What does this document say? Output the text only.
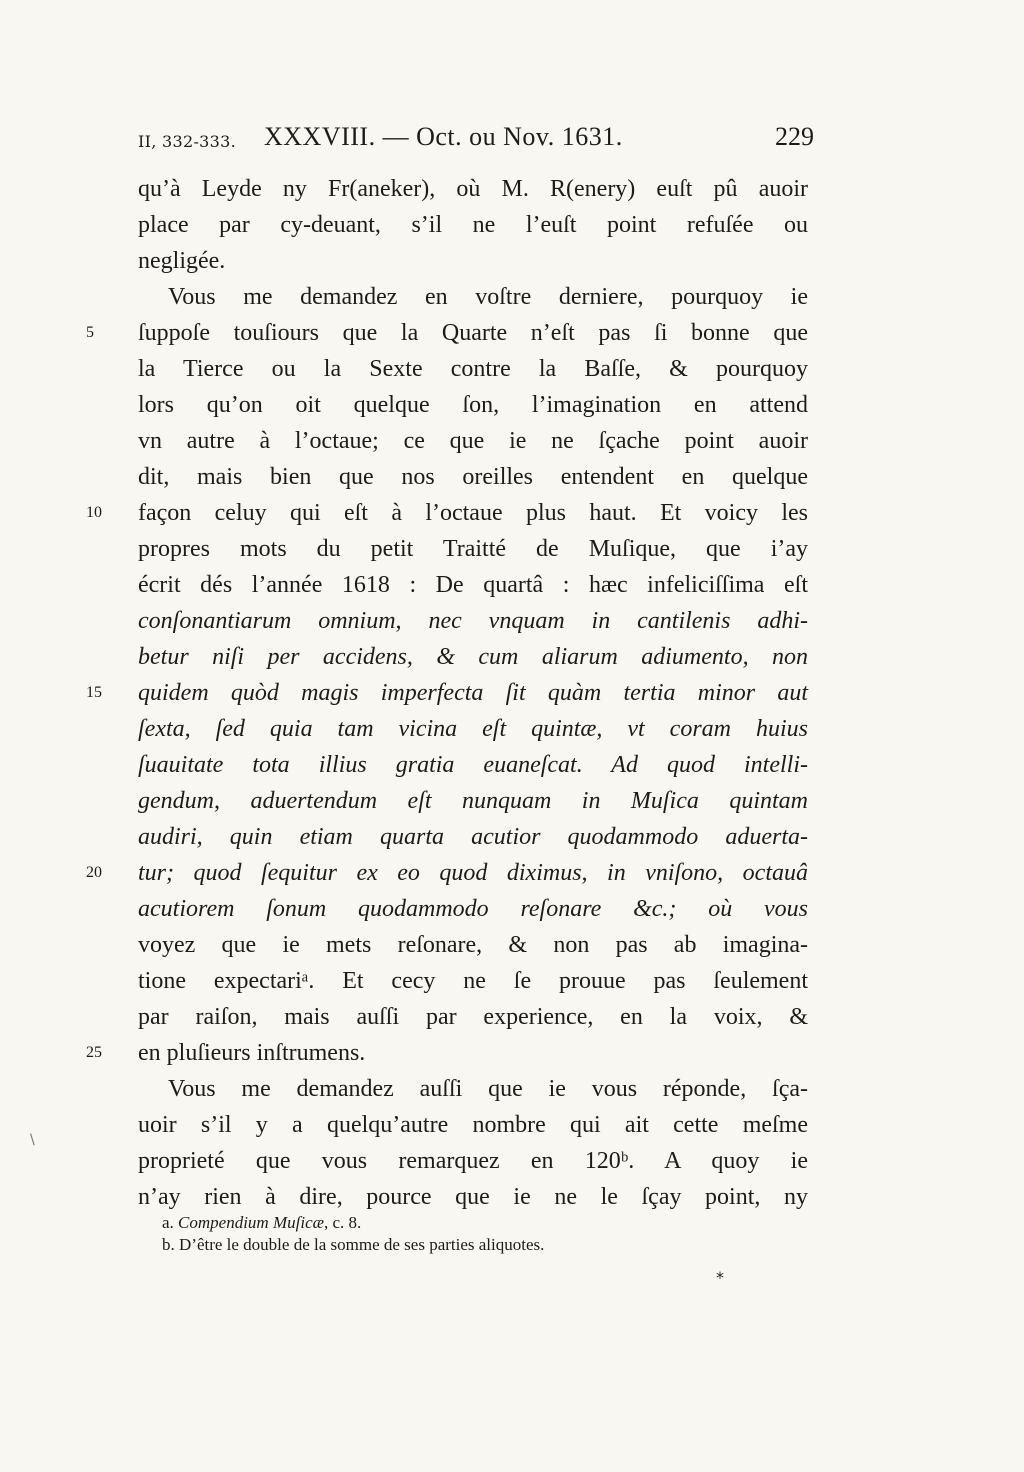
II, 332-333. XXXVIII. — Oct. ou Nov. 1631.	229
qu’à Leyde ny Fr(aneker), où M. R(enery) euſt pû auoir
place par cy-deuant, s’il ne l’euſt point refuſée ou
negligée.
Vous me demandez en voſtre derniere, pourquoy ie
5	ſuppoſe touſiours que la Quarte n’eſt pas ſi bonne que
la Tierce ou la Sexte contre la Baſſe, & pourquoy
lors qu’on oit quelque ſon, l’imagination en attend
vn autre à l’octaue; ce que ie ne ſçache point auoir
dit, mais bien que nos oreilles entendent en quelque
10	façon celuy qui eſt à l’octaue plus haut. Et voicy les
propres mots du petit Traitté de Muſique, que i’ay
écrit dés l’année 1618 : De quartâ : hæc infeliciſſima eſt
conſonantiarum omnium, nec vnquam in cantilenis adhi-
betur niſi per accidens, & cum aliarum adiumento, non
15	quidem quòd magis imperfecta ſit quàm tertia minor aut
ſexta, ſed quia tam vicina eſt quintæ, vt coram huius
ſuauitate tota illius gratia euaneſcat. Ad quod intelli-
gendum, aduertendum eſt nunquam in Muſica quintam
audiri, quin etiam quarta acutior quodammodo aduerta-
20	tur; quod ſequitur ex eo quod diximus, in vniſono, octauâ
acutiorem ſonum quodammodo reſonare &c.; où vous
voyez que ie mets reſonare, & non pas ab imagina-
tione expectariᵃ. Et cecy ne ſe prouue pas ſeulement
par raiſon, mais auſſi par experience, en la voix, &
25	en pluſieurs inſtrumens.
Vous me demandez auſſi que ie vous réponde, ſça-
uoir s’il y a quelqu’autre nombre qui ait cette meſme
proprieté que vous remarquez en 120ᵇ. A quoy ie
n’ay rien à dire, pource que ie ne le ſçay point, ny
a. Compendium Muſicæ, c. 8.
b. D’être le double de la somme de ses parties aliquotes.
*
\
